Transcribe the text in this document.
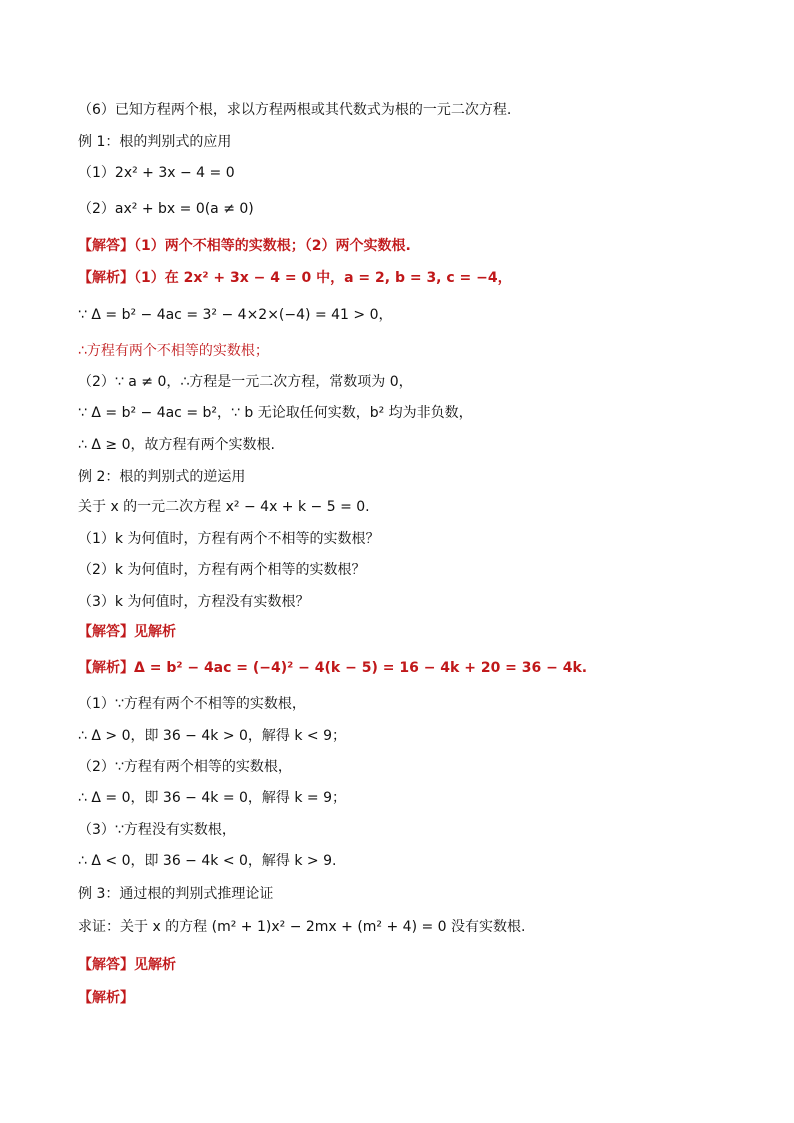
（6）已知方程两个根，求以方程两根或其代数式为根的一元二次方程.
例 1：根的判别式的应用
（1）2x² + 3x − 4 = 0
（2）ax² + bx = 0(a ≠ 0)
【解答】（1）两个不相等的实数根；（2）两个实数根.
【解析】（1）在 2x² + 3x − 4 = 0 中，a = 2, b = 3, c = −4，
∵ Δ = b² − 4ac = 3² − 4×2×(−4) = 41 > 0，
∴方程有两个不相等的实数根；
（2）∵ a ≠ 0，∴方程是一元二次方程，常数项为 0，
∵ Δ = b² − 4ac = b²，∵ b 无论取任何实数，b² 均为非负数，
∴ Δ ≥ 0，故方程有两个实数根.
例 2：根的判别式的逆运用
关于 x 的一元二次方程 x² − 4x + k − 5 = 0.
（1）k 为何值时，方程有两个不相等的实数根？
（2）k 为何值时，方程有两个相等的实数根？
（3）k 为何值时，方程没有实数根？
【解答】见解析
【解析】Δ = b² − 4ac = (−4)² − 4(k − 5) = 16 − 4k + 20 = 36 − 4k.
（1）∵方程有两个不相等的实数根，
∴ Δ > 0，即 36 − 4k > 0，解得 k < 9；
（2）∵方程有两个相等的实数根，
∴ Δ = 0，即 36 − 4k = 0，解得 k = 9；
（3）∵方程没有实数根，
∴ Δ < 0，即 36 − 4k < 0，解得 k > 9.
例 3：通过根的判别式推理论证
求证：关于 x 的方程 (m² + 1)x² − 2mx + (m² + 4) = 0 没有实数根.
【解答】见解析
【解析】
